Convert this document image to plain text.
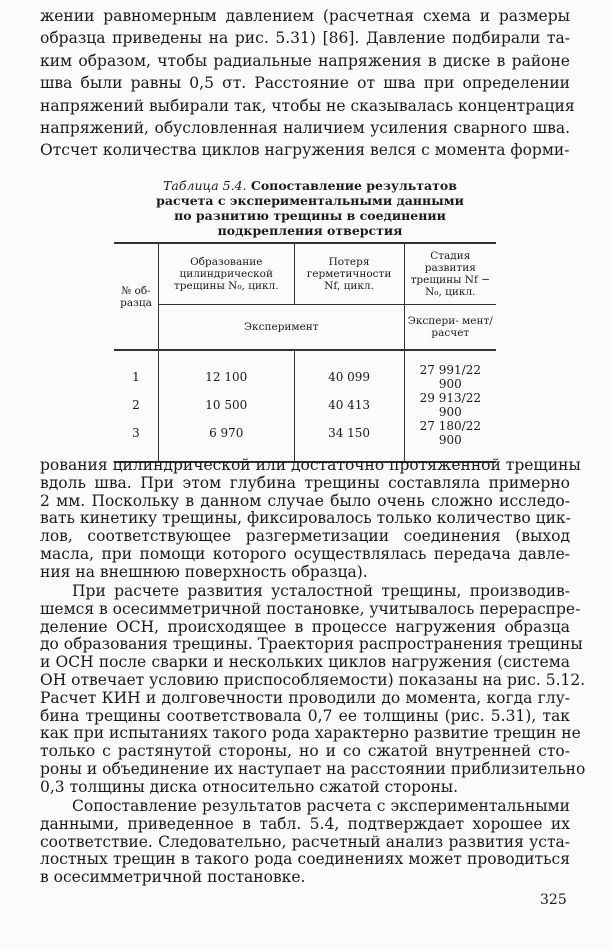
жении равномерным давлением (расчетная схема и размеры
образца приведены на рис. 5.31) [86]. Давление подбирали та-
ким образом, чтобы радиальные напряжения в диске в районе
шва были равны 0,5 σт. Расстояние от шва при определении
напряжений выбирали так, чтобы не сказывалась концентрация
напряжений, обусловленная наличием усиления сварного шва.
Отсчет количества циклов нагружения велся с момента форми-
Таблица 5.4. Сопоставление результатов
расчета с экспериментальными данными
по разнитию трещины в соединении
подкрепления отверстия
№ об- разца	Образование цилиндрической трещины N₀, цикл.	Потеря герметичности Nf, цикл.	Стадия развития трещины Nf − N₀, цикл.
	Эксперимент		Экспери- мент/расчет
1	12 100	40 099	27 991/22 900
2	10 500	40 413	29 913/22 900
3	6 970	34 150	27 180/22 900

рования цилиндрической или достаточно протяженной трещины
вдоль шва. При этом глубина трещины составляла примерно
2 мм. Поскольку в данном случае было очень сложно исследо-
вать кинетику трещины, фиксировалось только количество цик-
лов, соответствующее разгерметизации соединения (выход
масла, при помощи которого осуществлялась передача давле-
ния на внешнюю поверхность образца).
При расчете развития усталостной трещины, производив-
шемся в осесимметричной постановке, учитывалось перераспре-
деление ОСН, происходящее в процессе нагружения образца
до образования трещины. Траектория распространения трещины
и ОСН после сварки и нескольких циклов нагружения (система
ОН отвечает условию приспособляемости) показаны на рис. 5.12.
Расчет КИН и долговечности проводили до момента, когда глу-
бина трещины соответствовала 0,7 ее толщины (рис. 5.31), так
как при испытаниях такого рода характерно развитие трещин не
только с растянутой стороны, но и со сжатой внутренней сто-
роны и объединение их наступает на расстоянии приблизительно
0,3 толщины диска относительно сжатой стороны.
Сопоставление результатов расчета с экспериментальными
данными, приведенное в табл. 5.4, подтверждает хорошее их
соответствие. Следовательно, расчетный анализ развития уста-
лостных трещин в такого рода соединениях может проводиться
в осесимметричной постановке.
325
